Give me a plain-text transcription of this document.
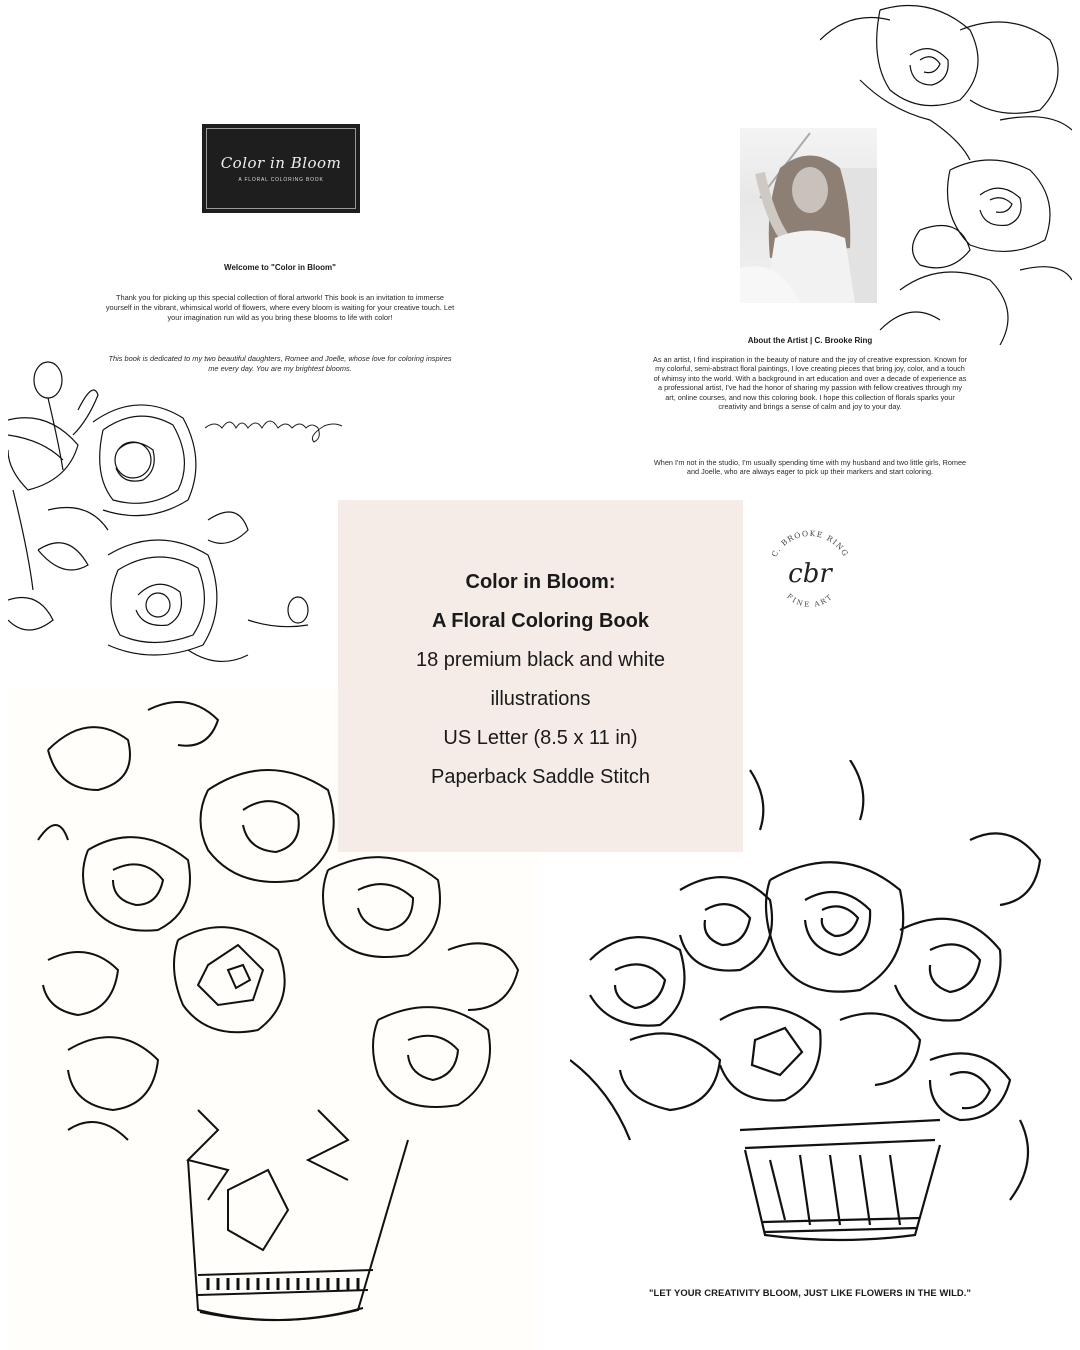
Color in Bloom
A FLORAL COLORING BOOK
Welcome to "Color in Bloom"
Thank you for picking up this special collection of floral artwork! This book is an invitation to immerse yourself in the vibrant, whimsical world of flowers, where every bloom is waiting for your creative touch. Let your imagination run wild as you bring these blooms to life with color!
This book is dedicated to my two beautiful daughters, Romee and Joelle, whose love for coloring inspires me every day. You are my brightest blooms.
About the Artist | C. Brooke Ring
As an artist, I find inspiration in the beauty of nature and the joy of creative expression. Known for my colorful, semi-abstract floral paintings, I love creating pieces that bring joy, color, and a touch of whimsy into the world. With a background in art education and over a decade of experience as a professional artist, I've had the honor of sharing my passion with fellow creatives through my art, online courses, and now this coloring book. I hope this collection of florals sparks your creativity and brings a sense of calm and joy to your day.
When I'm not in the studio, I'm usually spending time with my husband and two little girls, Romee and Joelle, who are always eager to pick up their markers and start coloring.
C. BROOKE RING
cbr
FINE ART
Color in Bloom:
A Floral Coloring Book
18 premium black and white
illustrations
US Letter (8.5 x 11 in)
Paperback Saddle Stitch
"LET YOUR CREATIVITY BLOOM, JUST LIKE FLOWERS IN THE WILD."
